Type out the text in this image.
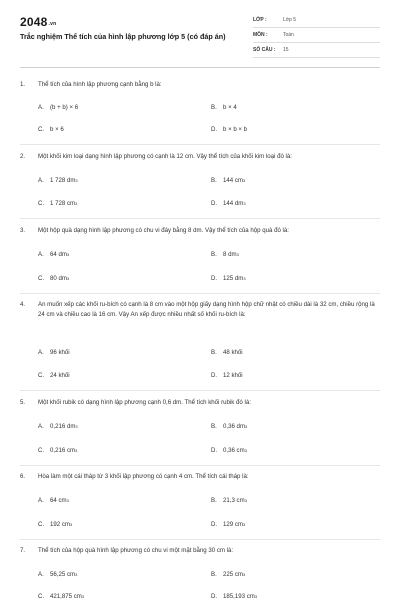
2048.vn
Trắc nghiệm Thể tích của hình lập phương lớp 5 (có đáp án)
LỚP :	Lớp 5
MÔN :	Toán
SỐ CÂU :	15
1.	Thể tích của hình lập phương cạnh bằng b là:
A.	(b + b) × 6	B.	b × 4
C. b × 6	D. b × b × b
2.	Một khối kim loại dạng hình lập phương có cạnh là 12 cm. Vậy thể tích của khối kim loại đó là:
A.	1 728 dm 3	B.	144 cm 3
C. 1 728 cm 3	D. 144 dm 3
3.	Một hộp quà dạng hình lập phương có chu vi đáy bằng 8 dm. Vậy thể tích của hộp quà đó là:
A.	64 dm 3	B.	8 dm 3
C. 80 dm 3	D. 125 dm 3
4.	An muốn xếp các khối ru-bích có cạnh là 8 cm vào một hộp giấy dạng hình hộp chữ nhật có chiều dài là 32 cm, chiều rộng là 24 cm và chiều cao là 16 cm. Vậy An xếp được nhiều nhất số khối ru-bích là:
A.	96 khối	B.	48 khối
C. 24 khối	D. 12 khối
5.	Một khối rubik có dạng hình lập phương cạnh 0,6 dm. Thể tích khối rubik đó là:
A.	0,216 dm 3	B.	0,36 dm 3
C. 0,216 cm 3	D. 0,36 cm 3
6.	Hòa làm một cái tháp từ 3 khối lập phương có cạnh 4 cm. Thể tích cái tháp là:
A.	64 cm 3	B.	21,3 cm 3
C. 192 cm 3	D. 129 cm 3
7.	Thể tích của hộp quà hình lập phương có chu vi một mặt bằng 30 cm là:
A.	56,25 cm 3	B.	225 cm 3
C. 421,875 cm 3	D. 185,193 cm 3
